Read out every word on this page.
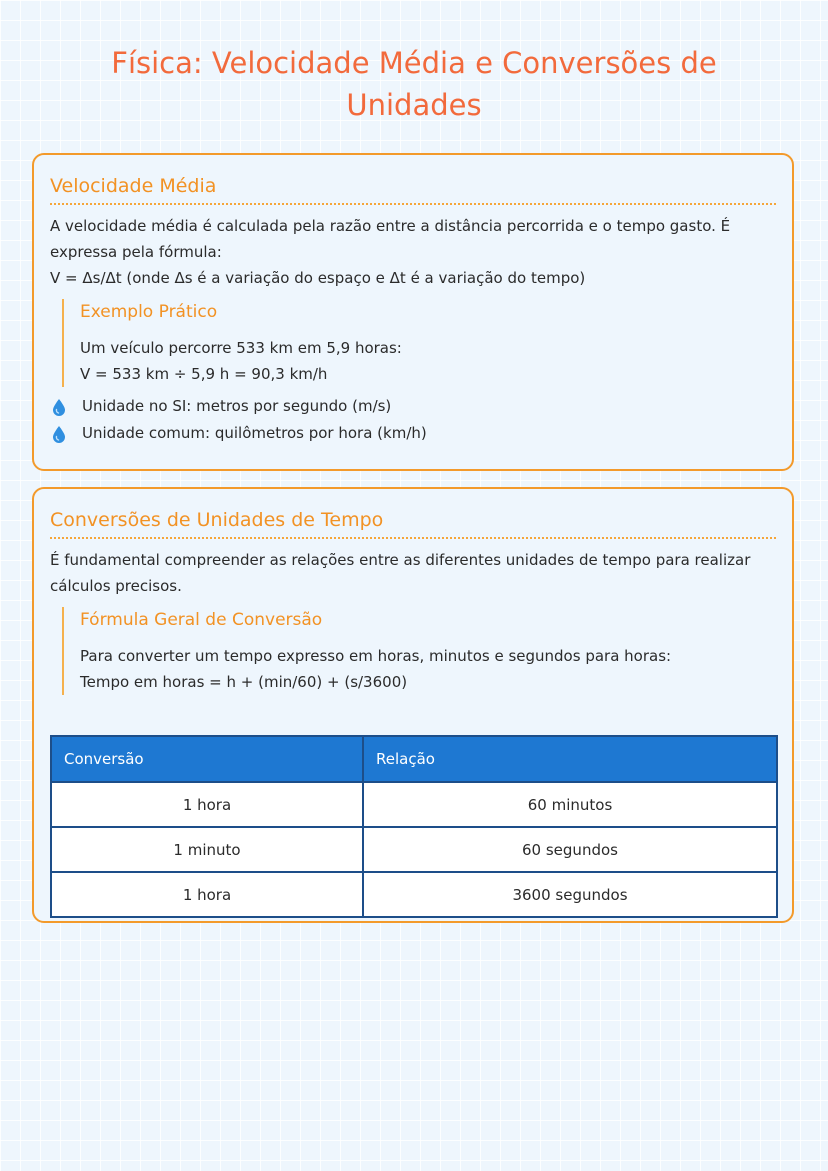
Física: Velocidade Média e Conversões de Unidades
Velocidade Média

A velocidade média é calculada pela razão entre a distância percorrida e o tempo gasto. É expressa pela fórmula:

V = Δs/Δt (onde Δs é a variação do espaço e Δt é a variação do tempo)

Exemplo Prático

Um veículo percorre 533 km em 5,9 horas:

V = 533 km ÷ 5,9 h = 90,3 km/h

Unidade no SI: metros por segundo (m/s)
Unidade comum: quilômetros por hora (km/h)
Conversões de Unidades de Tempo

É fundamental compreender as relações entre as diferentes unidades de tempo para realizar cálculos precisos.

Fórmula Geral de Conversão

Para converter um tempo expresso em horas, minutos e segundos para horas:

Tempo em horas = h + (min/60) + (s/3600)

Conversão	Relação
1 hora	60 minutos
1 minuto	60 segundos
1 hora	3600 segundos
